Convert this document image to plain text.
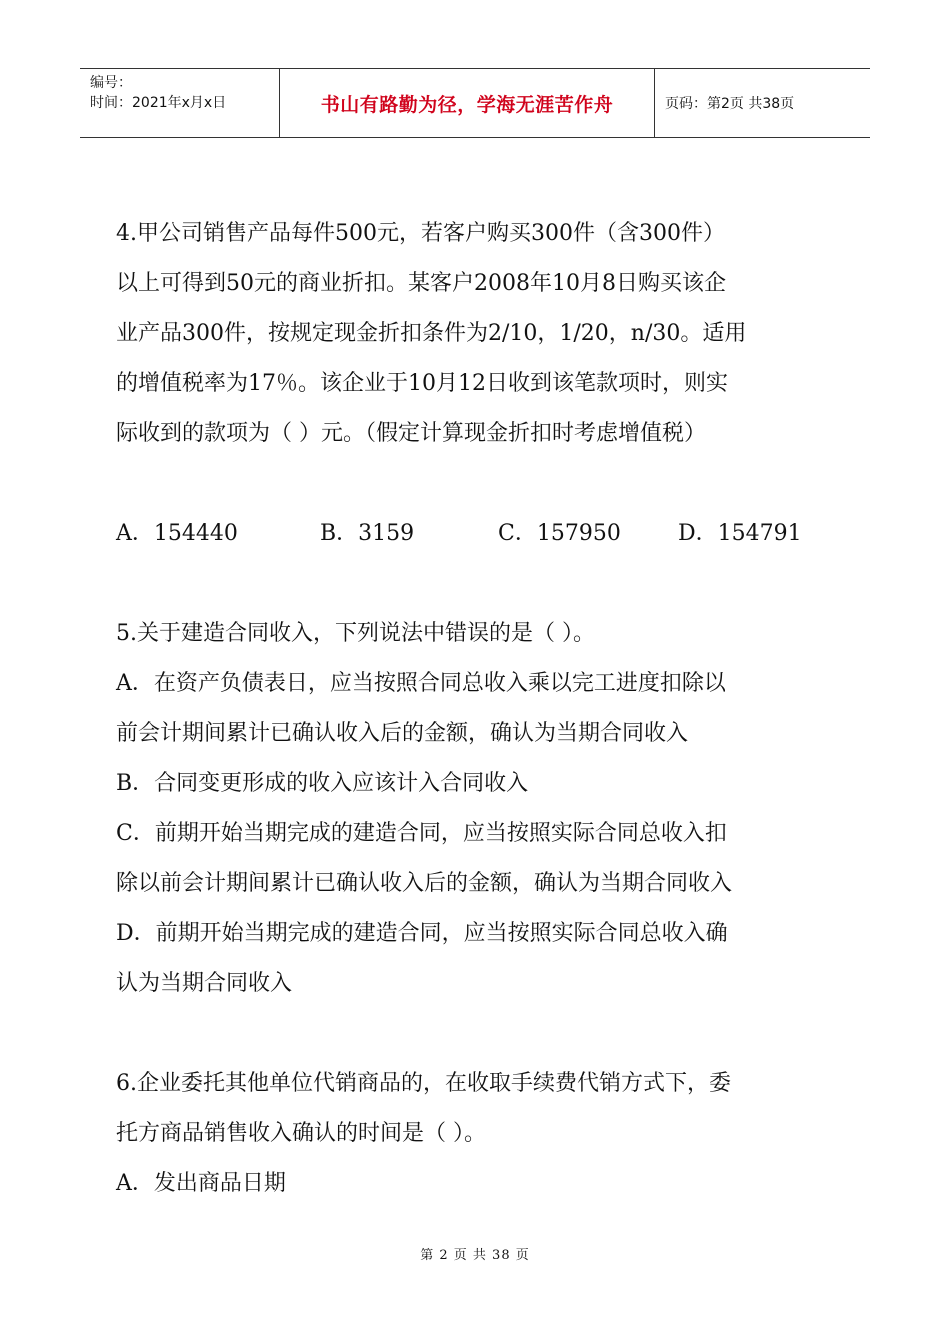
编号：
时间：2021年x月x日	书山有路勤为径，学海无涯苦作舟	页码：第2页 共38页
4.甲公司销售产品每件500元，若客户购买300件（含300件）
以上可得到50元的商业折扣。某客户2008年10月8日购买该企
业产品300件，按规定现金折扣条件为2/10，1/20，n/30。适用
的增值税率为17％。该企业于10月12日收到该笔款项时，则实
际收到的款项为（ ）元。（假定计算现金折扣时考虑增值税）
A．154440	B．3159	C．157950	D．154791
5.关于建造合同收入，下列说法中错误的是（ ）。
A．在资产负债表日，应当按照合同总收入乘以完工进度扣除以
前会计期间累计已确认收入后的金额，确认为当期合同收入
B．合同变更形成的收入应该计入合同收入
C．前期开始当期完成的建造合同，应当按照实际合同总收入扣
除以前会计期间累计已确认收入后的金额，确认为当期合同收入
D．前期开始当期完成的建造合同，应当按照实际合同总收入确
认为当期合同收入
6.企业委托其他单位代销商品的，在收取手续费代销方式下，委
托方商品销售收入确认的时间是（ ）。
A．发出商品日期
第 2 页 共 38 页
